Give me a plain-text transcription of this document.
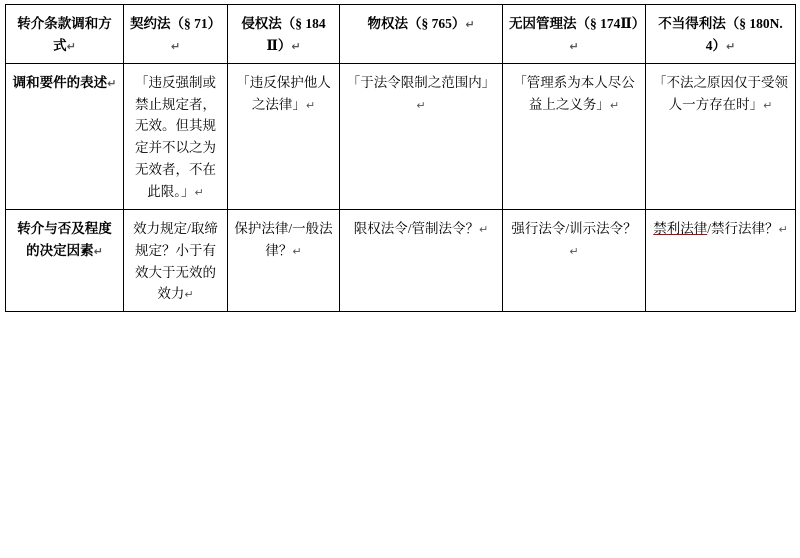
转介条款调和方式↵	契约法（§ 71）↵	侵权法（§ 184Ⅱ）↵	物权法（§ 765）↵	无因管理法（§ 174Ⅱ）↵	不当得利法（§ 180N. 4）↵
调和要件的表述↵	「违反强制或禁止规定者，无效。但其规定并不以之为无效者，不在此限。」↵	「违反保护他人之法律」↵	「于法令限制之范围内」↵	「管理系为本人尽公益上之义务」↵	「不法之原因仅于受领人一方存在时」↵
转介与否及程度的决定因素↵	效力规定/取缔规定？小于有效大于无效的效力↵	保护法律/一般法律？↵	限权法令/管制法令？↵	强行法令/训示法令？↵	禁利法律/禁行法律？↵
